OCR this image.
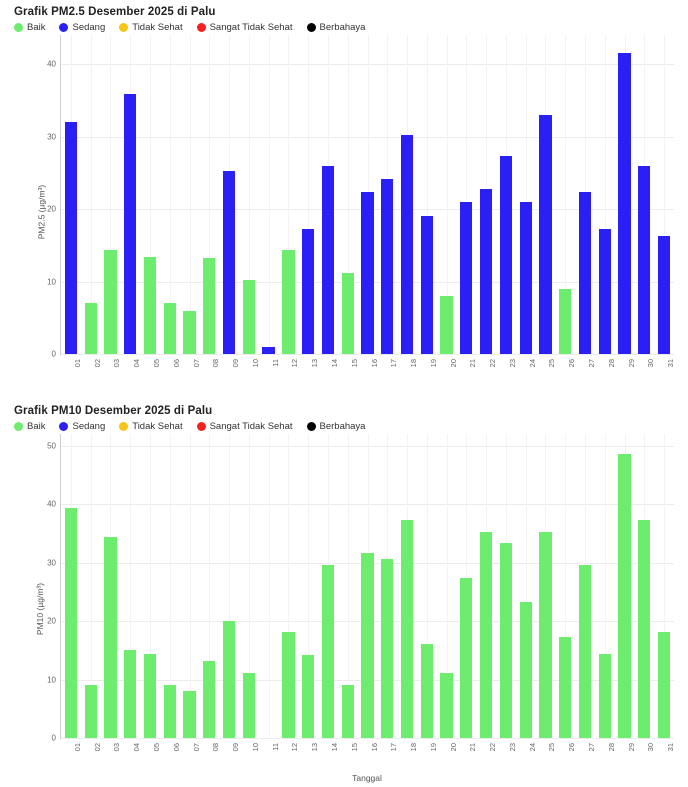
Grafik PM2.5 Desember 2025 di Palu
Baik	Sedang	Tidak Sehat	Sangat Tidak Sehat	Berbahaya
PM2.5 (µg/m³)
0
10
20
30
40
01 02 03 04 05 06 07 08 09 10 11 12 13 14 15 16 17 18 19 20 21 22 23 24 25 26 27 28 29 30 31
Grafik PM10 Desember 2025 di Palu
Baik	Sedang	Tidak Sehat	Sangat Tidak Sehat	Berbahaya
PM10 (µg/m³)
0
10
20
30
40
50
01 02 03 04 05 06 07 08 09 10 11 12 13 14 15 16 17 18 19 20 21 22 23 24 25 26 27 28 29 30 31
Tanggal
